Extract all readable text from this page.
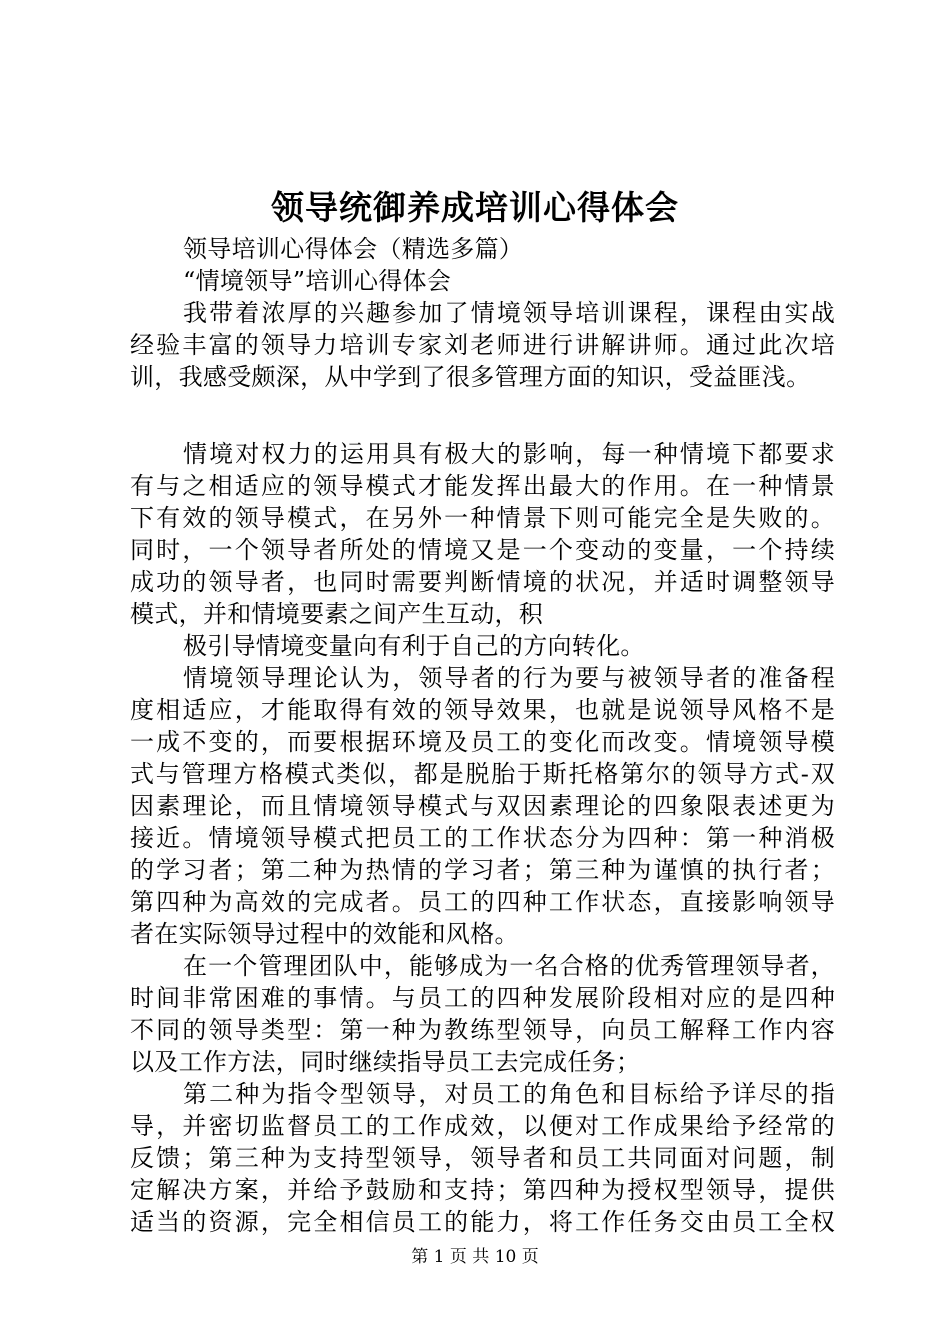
领导统御养成培训心得体会
领导培训心得体会（精选多篇）
“情境领导”培训心得体会
我带着浓厚的兴趣参加了情境领导培训课程，课程由实战
经验丰富的领导力培训专家刘老师进行讲解讲师。通过此次培
训，我感受颇深，从中学到了很多管理方面的知识，受益匪浅。
情境对权力的运用具有极大的影响，每一种情境下都要求
有与之相适应的领导模式才能发挥出最大的作用。在一种情景
下有效的领导模式，在另外一种情景下则可能完全是失败的。
同时，一个领导者所处的情境又是一个变动的变量，一个持续
成功的领导者，也同时需要判断情境的状况，并适时调整领导
模式，并和情境要素之间产生互动，积
极引导情境变量向有利于自己的方向转化。
情境领导理论认为，领导者的行为要与被领导者的准备程
度相适应，才能取得有效的领导效果，也就是说领导风格不是
一成不变的，而要根据环境及员工的变化而改变。情境领导模
式与管理方格模式类似，都是脱胎于斯托格第尔的领导方式-双
因素理论，而且情境领导模式与双因素理论的四象限表述更为
接近。情境领导模式把员工的工作状态分为四种：第一种消极
的学习者；第二种为热情的学习者；第三种为谨慎的执行者；
第四种为高效的完成者。员工的四种工作状态，直接影响领导
者在实际领导过程中的效能和风格。
在一个管理团队中，能够成为一名合格的优秀管理领导者，
时间非常困难的事情。与员工的四种发展阶段相对应的是四种
不同的领导类型：第一种为教练型领导，向员工解释工作内容
以及工作方法，同时继续指导员工去完成任务；
第二种为指令型领导，对员工的角色和目标给予详尽的指
导，并密切监督员工的工作成效，以便对工作成果给予经常的
反馈；第三种为支持型领导，领导者和员工共同面对问题，制
定解决方案，并给予鼓励和支持；第四种为授权型领导，提供
适当的资源，完全相信员工的能力，将工作任务交由员工全权
第 1 页 共 10 页
